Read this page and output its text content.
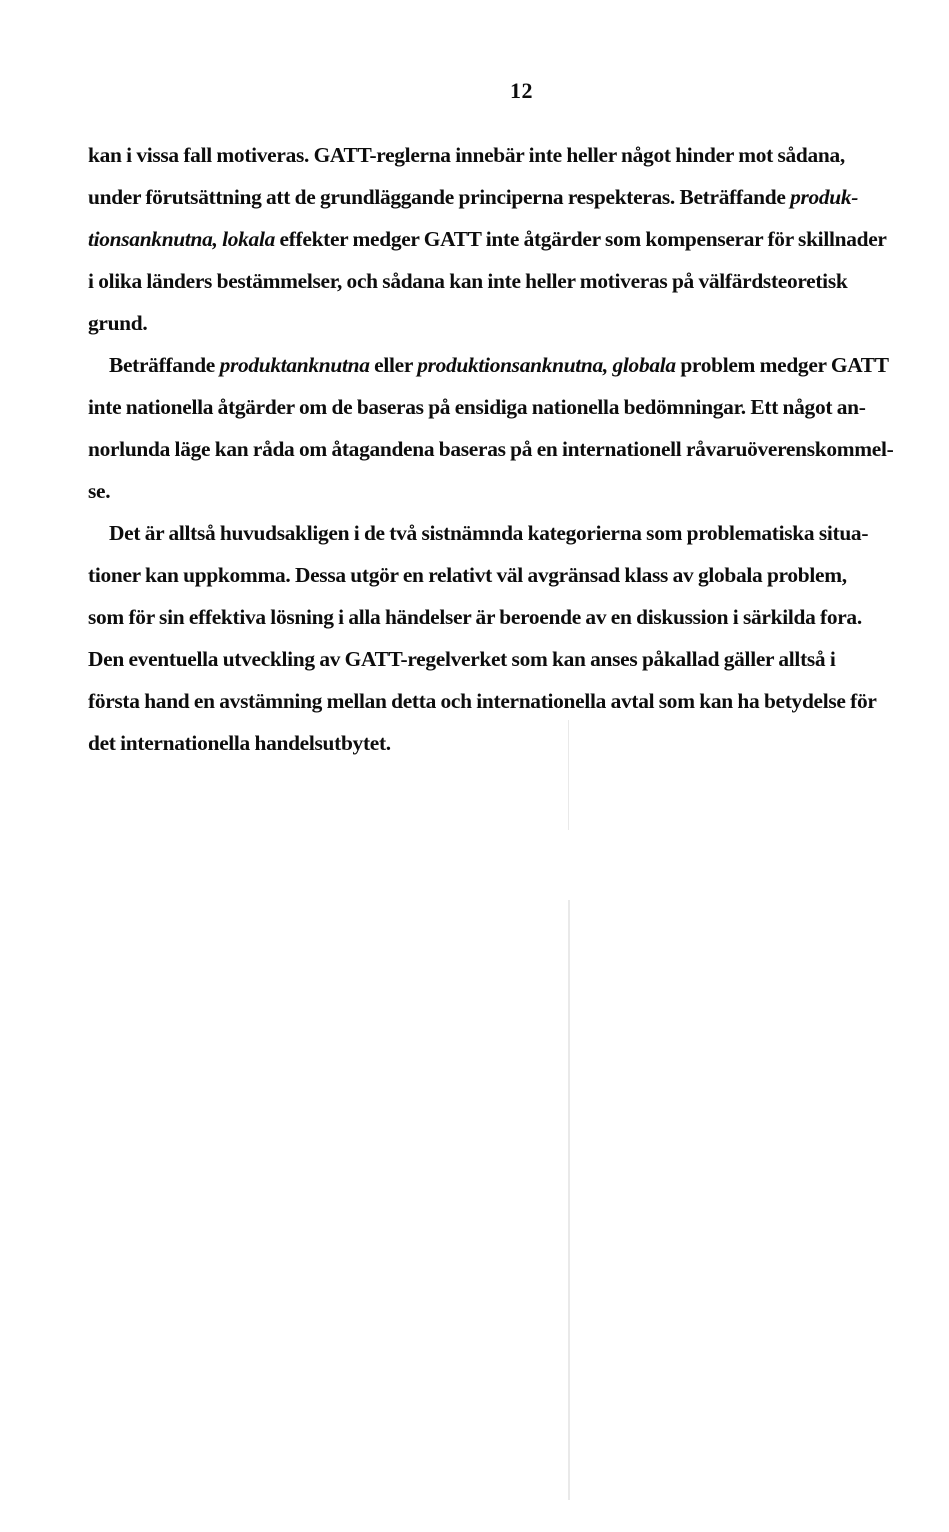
12
kan i vissa fall motiveras. GATT-reglerna innebär inte heller något hinder mot sådana,
under förutsättning att de grundläggande principerna respekteras. Beträffande produk-
tionsanknutna, lokala effekter medger GATT inte åtgärder som kompenserar för skillnader
i olika länders bestämmelser, och sådana kan inte heller motiveras på välfärdsteoretisk
grund.
Beträffande produktanknutna eller produktionsanknutna, globala problem medger GATT
inte nationella åtgärder om de baseras på ensidiga nationella bedömningar. Ett något an-
norlunda läge kan råda om åtagandena baseras på en internationell råvaruöverenskommel-
se.
Det är alltså huvudsakligen i de två sistnämnda kategorierna som problematiska situa-
tioner kan uppkomma. Dessa utgör en relativt väl avgränsad klass av globala problem,
som för sin effektiva lösning i alla händelser är beroende av en diskussion i särkilda fora.
Den eventuella utveckling av GATT-regelverket som kan anses påkallad gäller alltså i
första hand en avstämning mellan detta och internationella avtal som kan ha betydelse för
det internationella handelsutbytet.
